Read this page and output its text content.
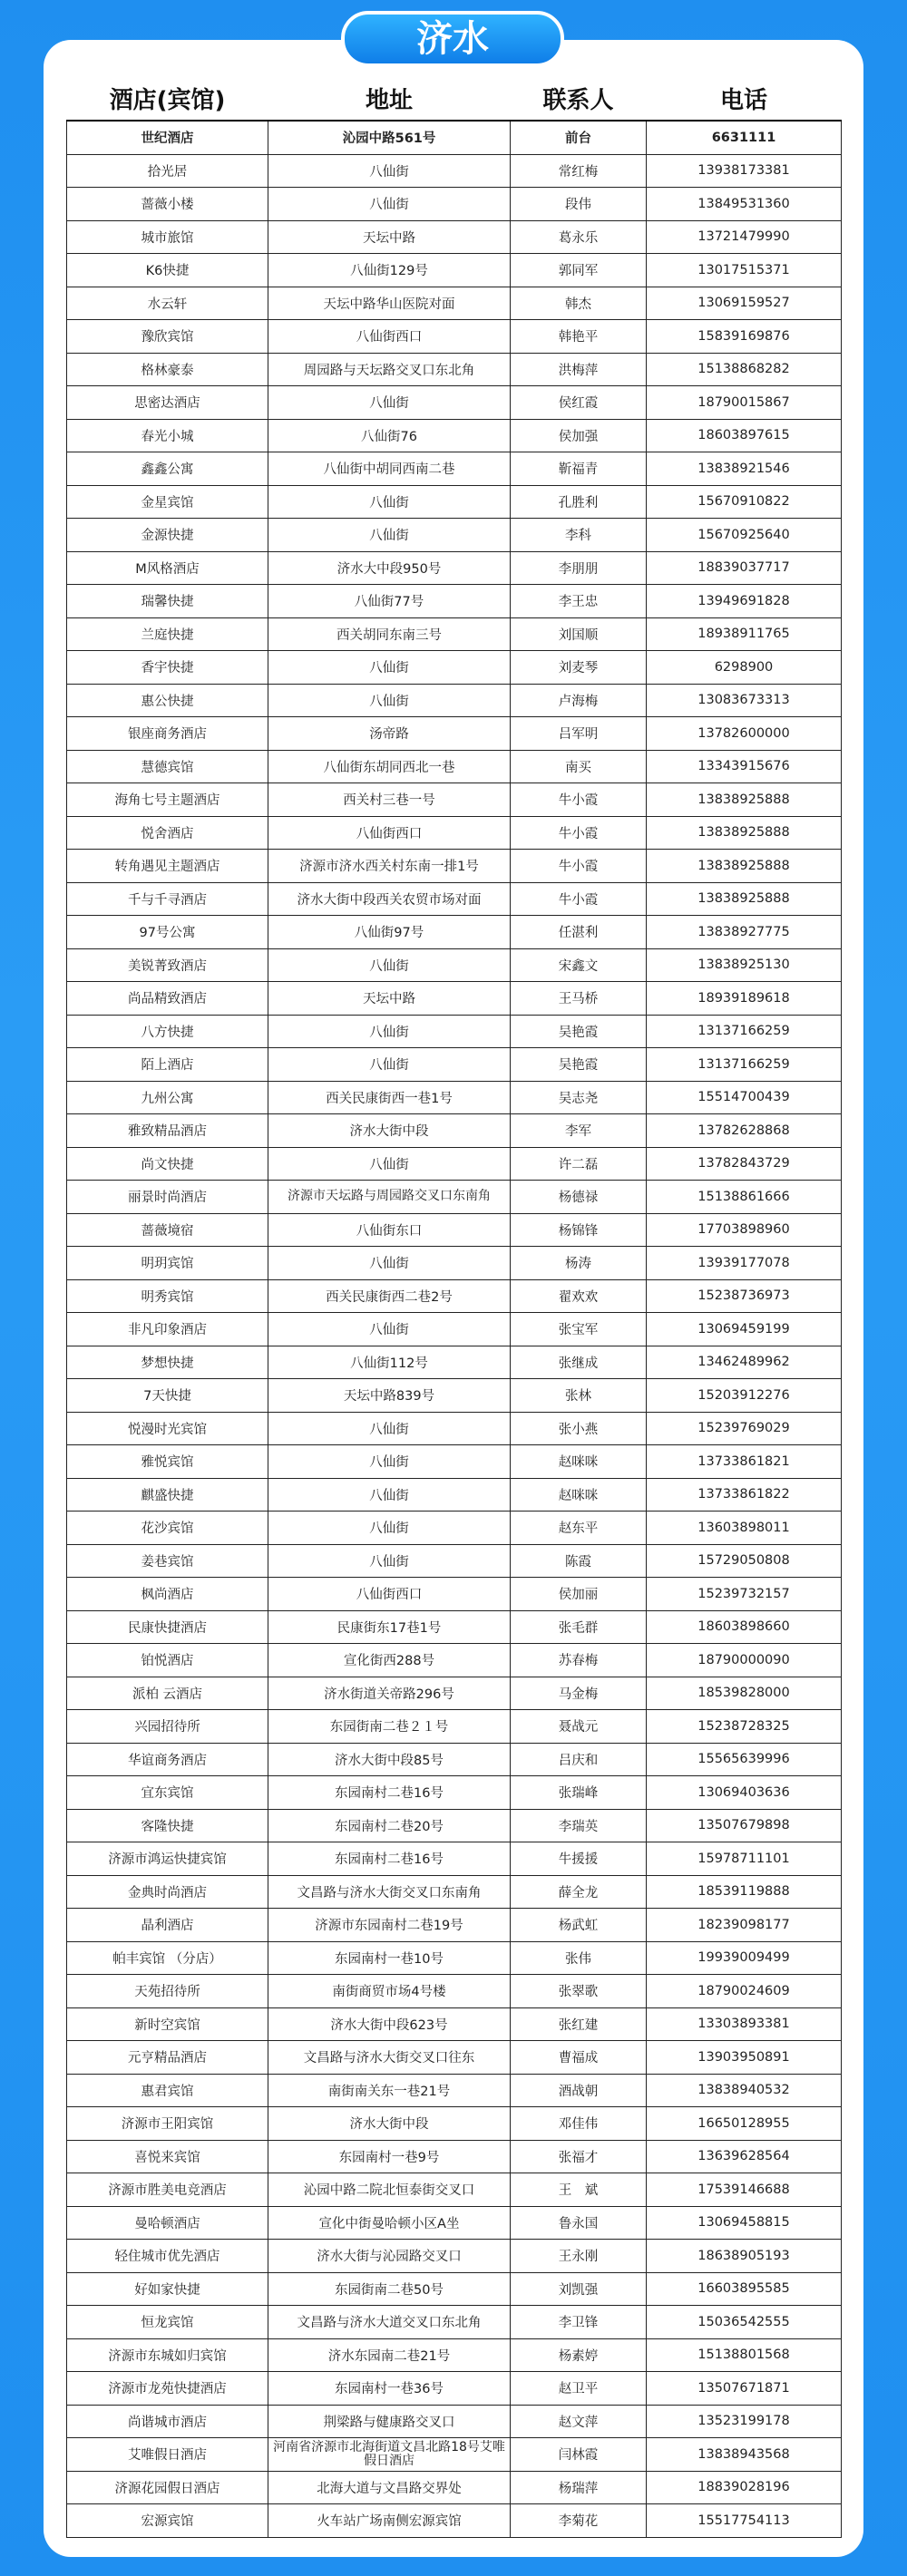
济水
酒店(宾馆)	地址	联系人	电话
世纪酒店	沁园中路561号	前台	6631111
拾光居	八仙街	常红梅	13938173381
蔷薇小楼	八仙街	段伟	13849531360
城市旅馆	天坛中路	葛永乐	13721479990
K6快捷	八仙街129号	郭同军	13017515371
水云轩	天坛中路华山医院对面	韩杰	13069159527
豫欣宾馆	八仙街西口	韩艳平	15839169876
格林豪泰	周园路与天坛路交叉口东北角	洪梅萍	15138868282
思密达酒店	八仙街	侯红霞	18790015867
春光小城	八仙街76	侯加强	18603897615
鑫鑫公寓	八仙街中胡同西南二巷	靳福青	13838921546
金星宾馆	八仙街	孔胜利	15670910822
金源快捷	八仙街	李科	15670925640
M风格酒店	济水大中段950号	李朋朋	18839037717
瑞馨快捷	八仙街77号	李王忠	13949691828
兰庭快捷	西关胡同东南三号	刘国顺	18938911765
香宇快捷	八仙街	刘麦琴	6298900
惠公快捷	八仙街	卢海梅	13083673313
银座商务酒店	汤帝路	吕军明	13782600000
慧德宾馆	八仙街东胡同西北一巷	南买	13343915676
海角七号主题酒店	西关村三巷一号	牛小霞	13838925888
悦舍酒店	八仙街西口	牛小霞	13838925888
转角遇见主题酒店	济源市济水西关村东南一排1号	牛小霞	13838925888
千与千寻酒店	济水大街中段西关农贸市场对面	牛小霞	13838925888
97号公寓	八仙街97号	任湛利	13838927775
美锐菁致酒店	八仙街	宋鑫文	13838925130
尚品精致酒店	天坛中路	王马桥	18939189618
八方快捷	八仙街	吴艳霞	13137166259
陌上酒店	八仙街	吴艳霞	13137166259
九州公寓	西关民康街西一巷1号	吴志尧	15514700439
雅致精品酒店	济水大街中段	李军	13782628868
尚文快捷	八仙街	许二磊	13782843729
丽景时尚酒店	济源市天坛路与周园路交叉口东南角	杨德禄	15138861666
蔷薇境宿	八仙街东口	杨锦锋	17703898960
明玥宾馆	八仙街	杨涛	13939177078
明秀宾馆	西关民康街西二巷2号	翟欢欢	15238736973
非凡印象酒店	八仙街	张宝军	13069459199
梦想快捷	八仙街112号	张继成	13462489962
7天快捷	天坛中路839号	张林	15203912276
悦漫时光宾馆	八仙街	张小燕	15239769029
雅悦宾馆	八仙街	赵咪咪	13733861821
麒盛快捷	八仙街	赵咪咪	13733861822
花沙宾馆	八仙街	赵东平	13603898011
姜巷宾馆	八仙街	陈霞	15729050808
枫尚酒店	八仙街西口	侯加丽	15239732157
民康快捷酒店	民康街东17巷1号	张毛群	18603898660
铂悦酒店	宣化街西288号	苏春梅	18790000090
派柏 云酒店	济水街道关帝路296号	马金梅	18539828000
兴园招待所	东园街南二巷２１号	聂战元	15238728325
华谊商务酒店	济水大街中段85号	吕庆和	15565639996
宜东宾馆	东园南村二巷16号	张瑞峰	13069403636
客隆快捷	东园南村二巷20号	李瑞英	13507679898
济源市鸿运快捷宾馆	东园南村二巷16号	牛援援	15978711101
金典时尚酒店	文昌路与济水大街交叉口东南角	薛全龙	18539119888
晶利酒店	济源市东园南村二巷19号	杨武虹	18239098177
帕丰宾馆 （分店）	东园南村一巷10号	张伟	19939009499
天苑招待所	南街商贸市场4号楼	张翠歌	18790024609
新时空宾馆	济水大街中段623号	张红建	13303893381
元亨精品酒店	文昌路与济水大街交叉口往东	曹福成	13903950891
惠君宾馆	南街南关东一巷21号	酒战朝	13838940532
济源市王阳宾馆	济水大街中段	邓佳伟	16650128955
喜悦来宾馆	东园南村一巷9号	张福才	13639628564
济源市胜美电竞酒店	沁园中路二院北恒泰街交叉口	王　斌	17539146688
曼哈顿酒店	宣化中街曼哈顿小区A坐	鲁永国	13069458815
轻住城市优先酒店	济水大街与沁园路交叉口	王永刚	18638905193
好如家快捷	东园街南二巷50号	刘凯强	16603895585
恒龙宾馆	文昌路与济水大道交叉口东北角	李卫锋	15036542555
济源市东城如归宾馆	济水东园南二巷21号	杨素婷	15138801568
济源市龙苑快捷酒店	东园南村一巷36号	赵卫平	13507671871
尚谐城市酒店	荆梁路与健康路交叉口	赵文萍	13523199178
艾唯假日酒店	河南省济源市北海街道文昌北路18号艾唯假日酒店	闫林霞	13838943568
济源花园假日酒店	北海大道与文昌路交界处	杨瑞萍	18839028196
宏源宾馆	火车站广场南侧宏源宾馆	李菊花	15517754113
